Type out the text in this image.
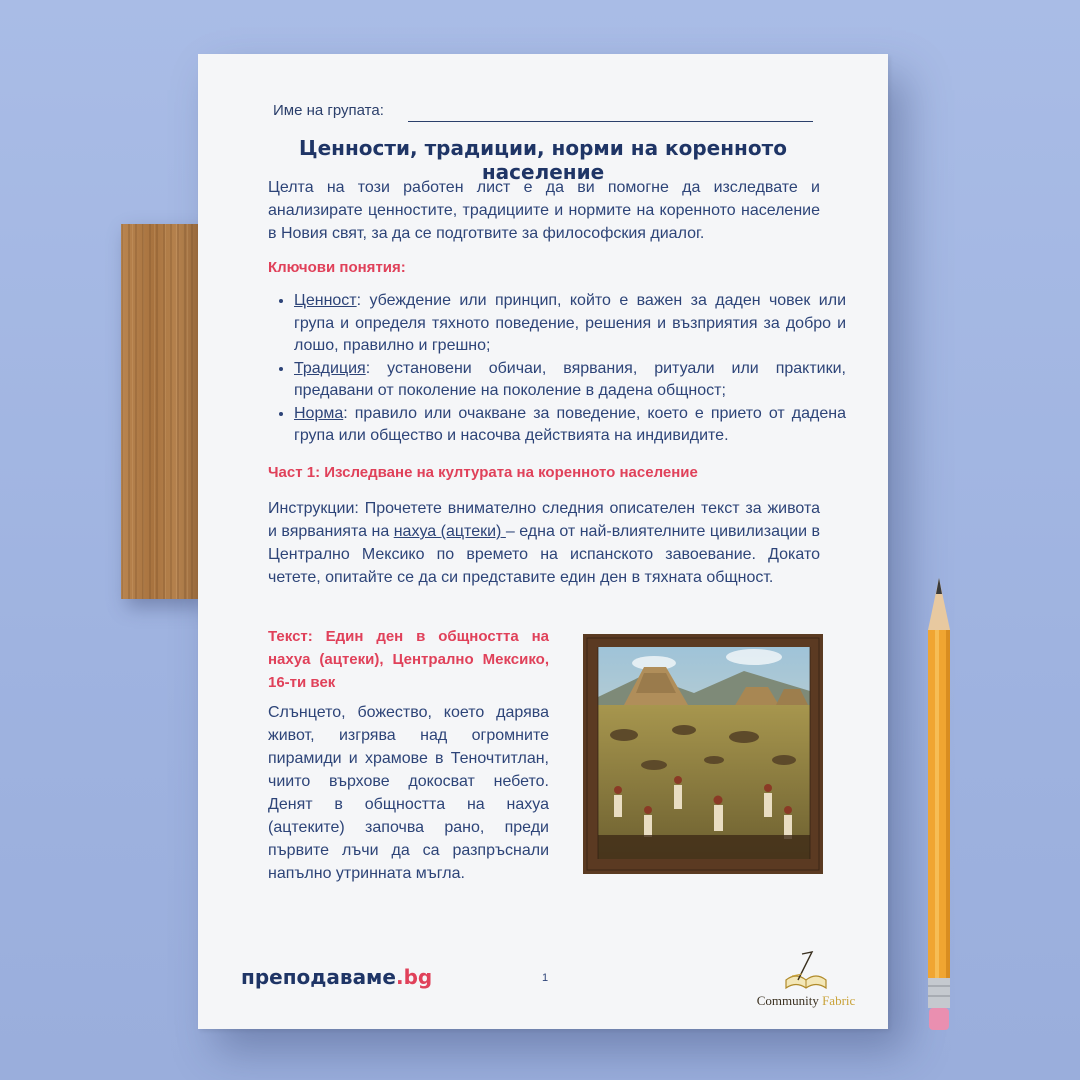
Име на групата:
Ценности, традиции, норми на коренното население
Целта на този работен лист е да ви помогне да изследвате и анализирате ценностите, традициите и нормите на коренното население в Новия свят, за да се подготвите за философския диалог.
Ключови понятия:
• Ценност: убеждение или принцип, който е важен за даден човек или група и определя тяхното поведение, решения и възприятия за добро и лошо, правилно и грешно;
• Традиция: установени обичаи, вярвания, ритуали или практики, предавани от поколение на поколение в дадена общност;
• Норма: правило или очакване за поведение, което е прието от дадена група или общество и насочва действията на индивидите.
Част 1: Изследване на културата на коренното население
Инструкции: Прочетете внимателно следния описателен текст за живота и вярванията на нахуа (ацтеки) – една от най-влиятелните цивилизации в Централно Мексико по времето на испанското завоевание. Докато четете, опитайте се да си представите един ден в тяхната общност.
Текст: Един ден в общността на нахуа (ацтеки), Централно Мексико, 16-ти век
Слънцето, божество, което дарява живот, изгрява над огромните пирамиди и храмове в Теночтитлан, чиито върхове докосват небето. Денят в общността на нахуа (ацтеките) започва рано, преди първите лъчи да са разпръснали напълно утринната мъгла.
преподаваме.bg	1
Community Fabric
